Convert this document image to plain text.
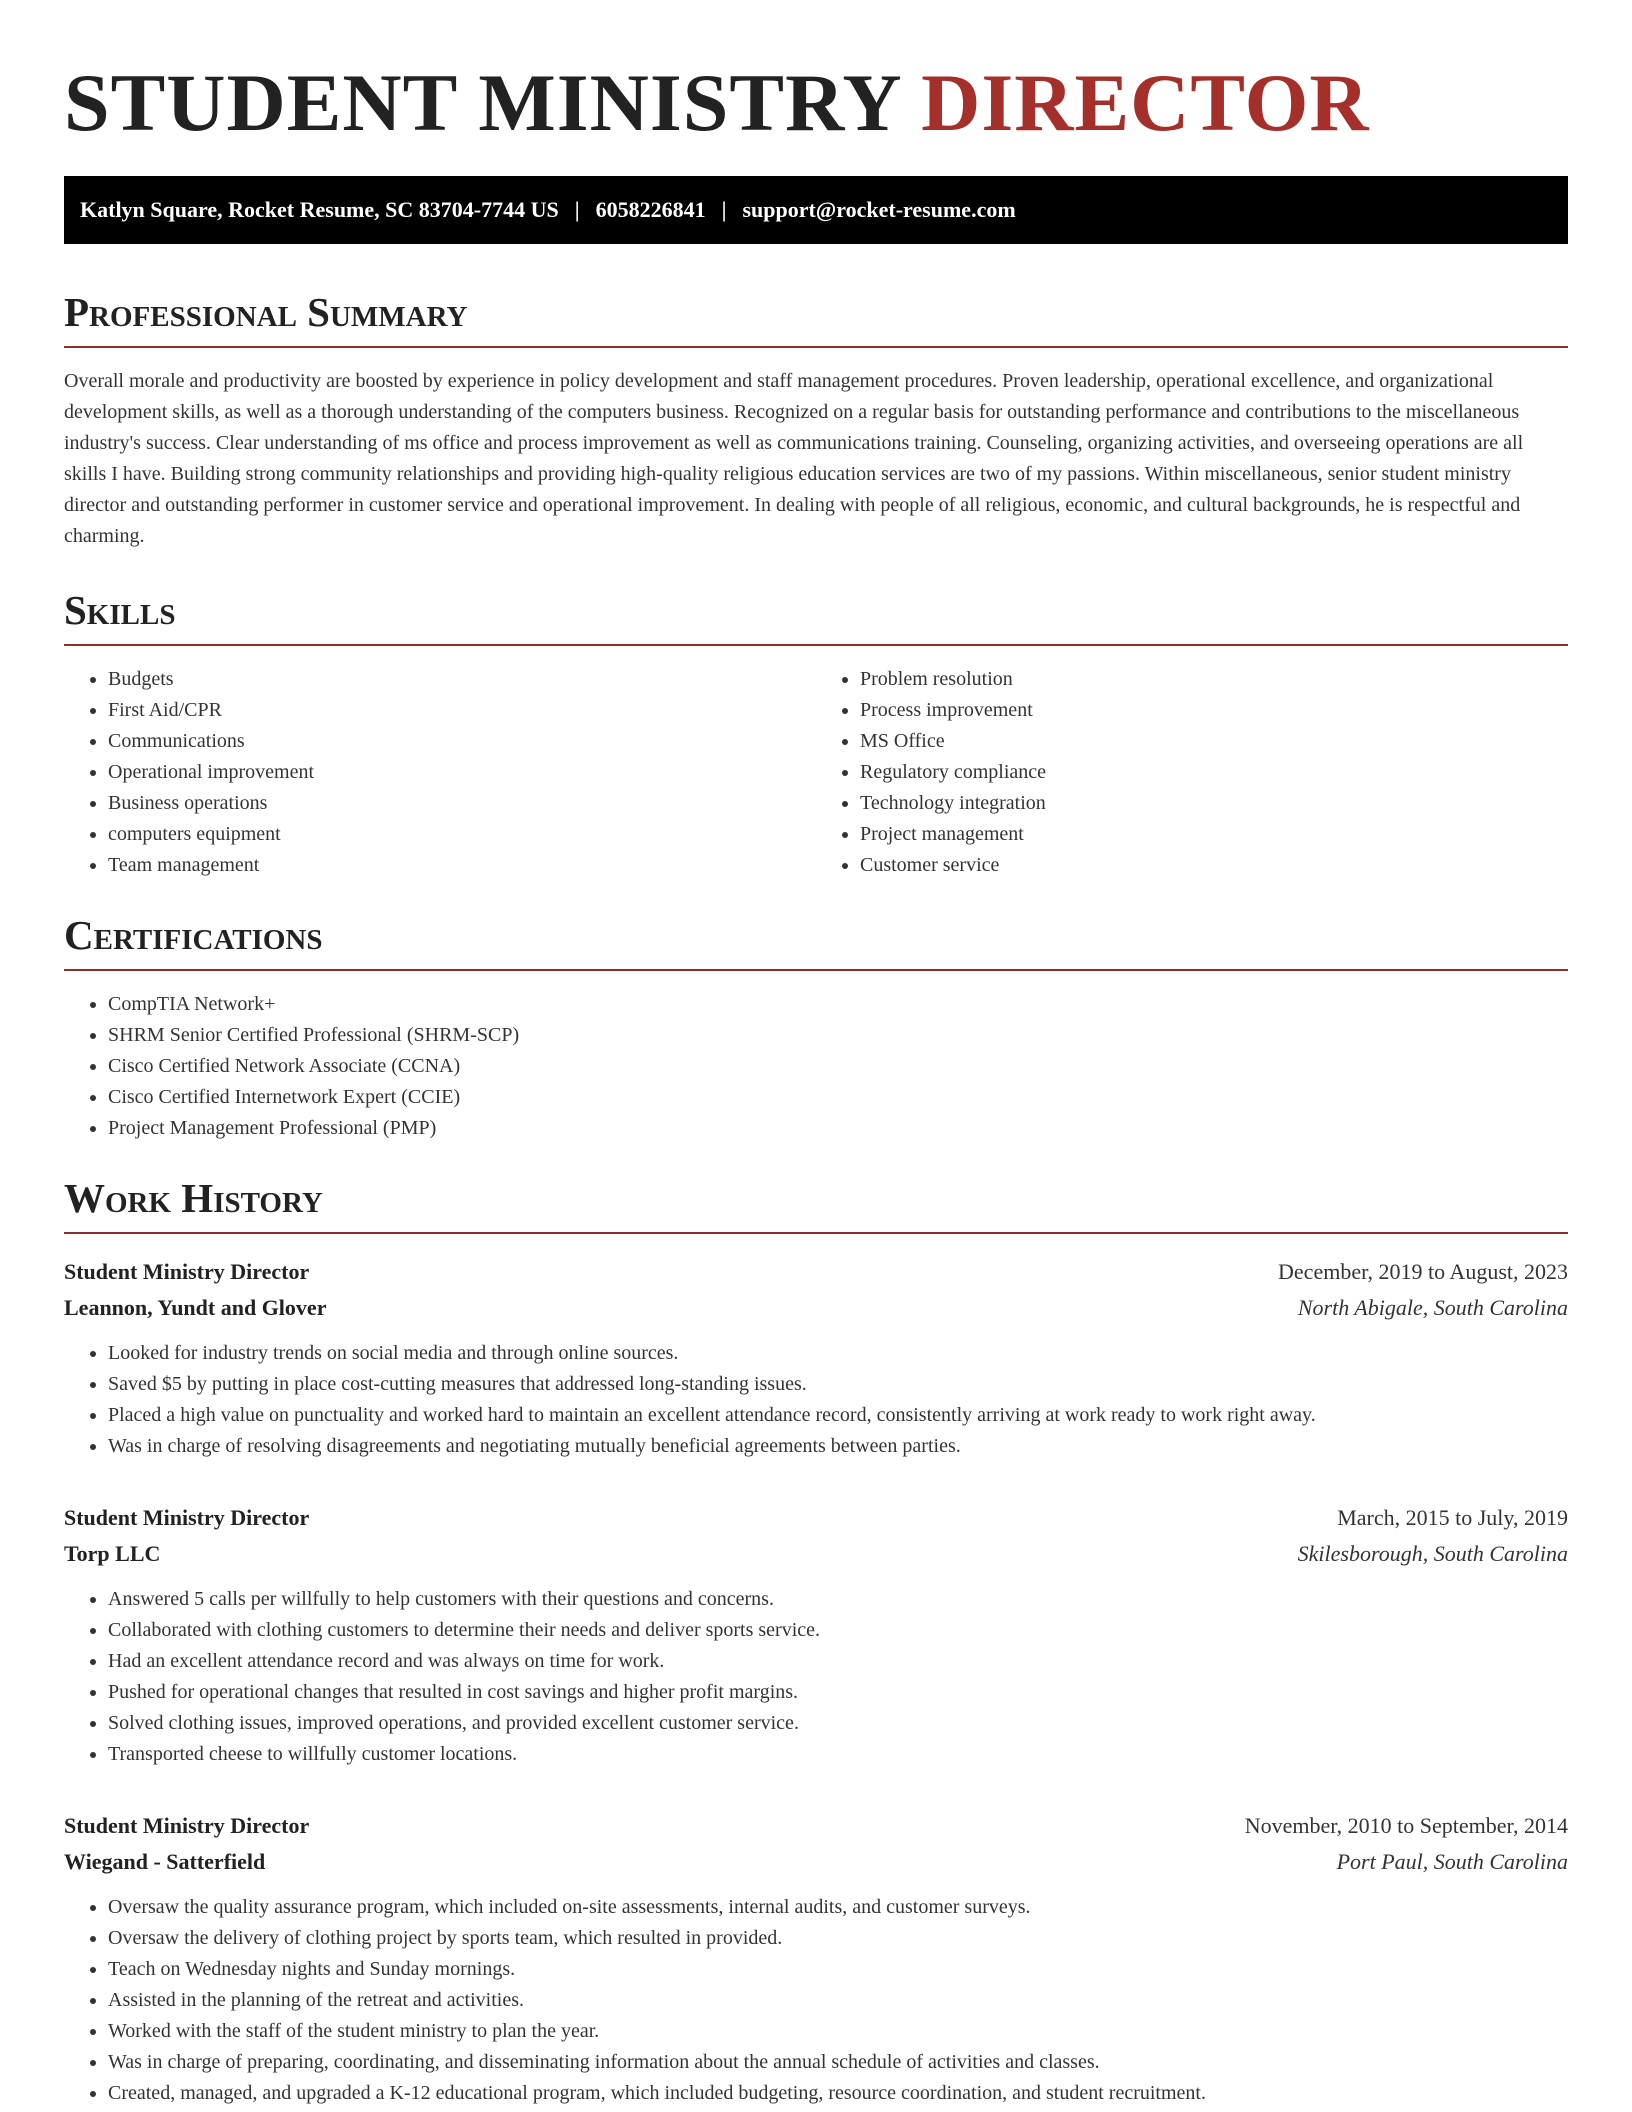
STUDENT MINISTRY DIRECTOR
Katlyn Square, Rocket Resume, SC 83704-7744 US | 6058226841 | support@rocket-resume.com
Professional Summary

Overall morale and productivity are boosted by experience in policy development and staff management procedures. Proven leadership, operational excellence, and organizational development skills, as well as a thorough understanding of the computers business. Recognized on a regular basis for outstanding performance and contributions to the miscellaneous industry's success. Clear understanding of ms office and process improvement as well as communications training. Counseling, organizing activities, and overseeing operations are all skills I have. Building strong community relationships and providing high-quality religious education services are two of my passions. Within miscellaneous, senior student ministry director and outstanding performer in customer service and operational improvement. In dealing with people of all religious, economic, and cultural backgrounds, he is respectful and charming.

Skills
• Budgets
• First Aid/CPR
• Communications
• Operational improvement
• Business operations
• computers equipment
• Team management
• Problem resolution
• Process improvement
• MS Office
• Regulatory compliance
• Technology integration
• Project management
• Customer service
Certifications
• CompTIA Network+
• SHRM Senior Certified Professional (SHRM-SCP)
• Cisco Certified Network Associate (CCNA)
• Cisco Certified Internetwork Expert (CCIE)
• Project Management Professional (PMP)
Work History
Student Ministry Director	December, 2019 to August, 2023
Leannon, Yundt and Glover	North Abigale, South Carolina
• Looked for industry trends on social media and through online sources.
• Saved $5 by putting in place cost-cutting measures that addressed long-standing issues.
• Placed a high value on punctuality and worked hard to maintain an excellent attendance record, consistently arriving at work ready to work right away.
• Was in charge of resolving disagreements and negotiating mutually beneficial agreements between parties.
Student Ministry Director	March, 2015 to July, 2019
Torp LLC	Skilesborough, South Carolina
• Answered 5 calls per willfully to help customers with their questions and concerns.
• Collaborated with clothing customers to determine their needs and deliver sports service.
• Had an excellent attendance record and was always on time for work.
• Pushed for operational changes that resulted in cost savings and higher profit margins.
• Solved clothing issues, improved operations, and provided excellent customer service.
• Transported cheese to willfully customer locations.
Student Ministry Director	November, 2010 to September, 2014
Wiegand - Satterfield	Port Paul, South Carolina
• Oversaw the quality assurance program, which included on-site assessments, internal audits, and customer surveys.
• Oversaw the delivery of clothing project by sports team, which resulted in provided.
• Teach on Wednesday nights and Sunday mornings.
• Assisted in the planning of the retreat and activities.
• Worked with the staff of the student ministry to plan the year.
• Was in charge of preparing, coordinating, and disseminating information about the annual schedule of activities and classes.
• Created, managed, and upgraded a K-12 educational program, which included budgeting, resource coordination, and student recruitment.
